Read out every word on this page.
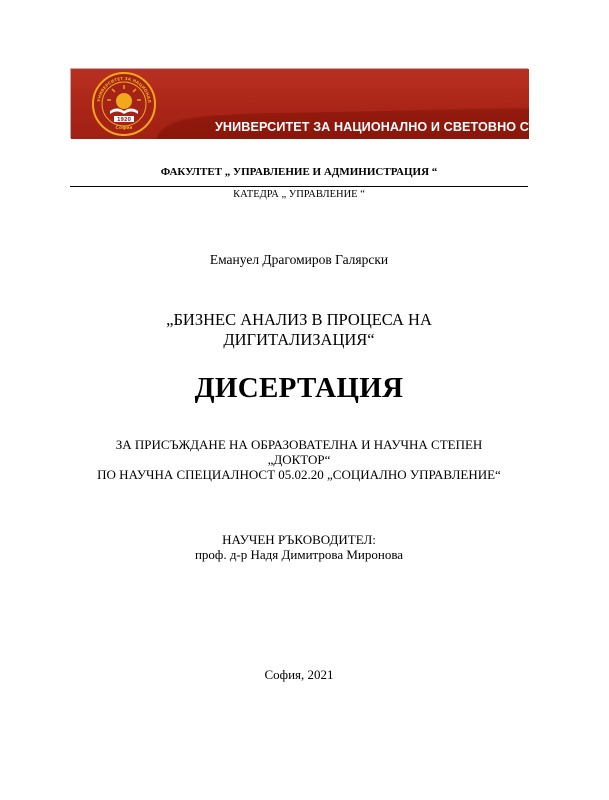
УНИВЕРСИТЕТ ЗА НАЦИОНАЛ
1920
София	УНИВЕРСИТЕТ ЗА НАЦИОНАЛНО И СВЕТОВНО СТОПАНСТВО
ФАКУЛТЕТ „ УПРАВЛЕНИЕ И АДМИНИСТРАЦИЯ “
КАТЕДРА „ УПРАВЛЕНИЕ “
Емануел Драгомиров Галярски
„БИЗНЕС АНАЛИЗ В ПРОЦЕСА НА
ДИГИТАЛИЗАЦИЯ“
ДИСЕРТАЦИЯ
ЗА ПРИСЪЖДАНЕ НА ОБРАЗОВАТЕЛНА И НАУЧНА СТЕПЕН
„ДОКТОР“
ПО НАУЧНА СПЕЦИАЛНОСТ 05.02.20 „СОЦИАЛНО УПРАВЛЕНИЕ“
НАУЧЕН РЪКОВОДИТЕЛ:
проф. д-р Надя Димитрова Миронова
София, 2021
